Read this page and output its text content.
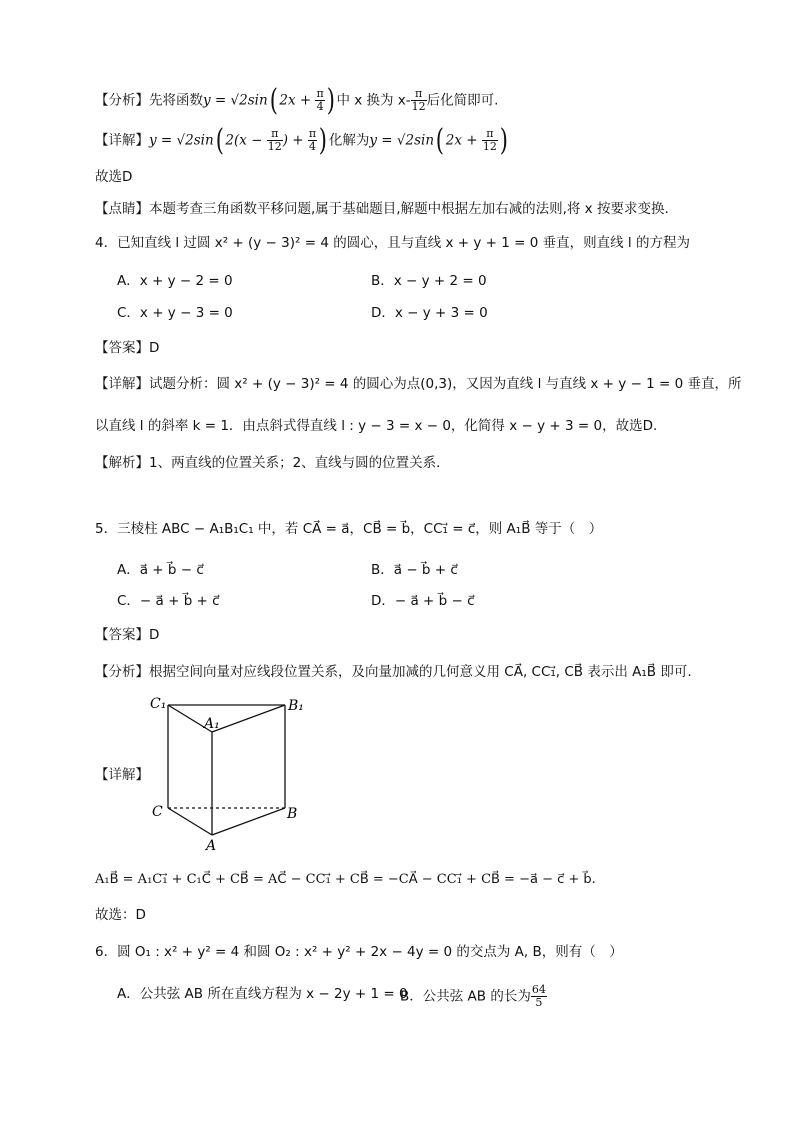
【分析】先将函数y = √2sin( $2x + \frac{\pi}{4}$ ) 中 x 换为 $x- \frac{\pi}{12}$ 后化简即可.
【详解】y = √2sin( $2(x - \frac{\pi}{12}$ ) + $\frac{\pi}{4}$ ) 化解为y = √2sin( $2x + \frac{\pi}{12}$ )
故选D
【点睛】本题考查三角函数平移问题,属于基础题目,解题中根据左加右减的法则,将 x 按要求变换.
4．已知直线 l 过圆 x² + (y − 3)² = 4 的圆心，且与直线 x + y + 1 = 0 垂直，则直线 l 的方程为
A．x + y − 2 = 0	B．x − y + 2 = 0
C．x + y − 3 = 0	D．x − y + 3 = 0
【答案】D
【详解】试题分析：圆 x² + (y − 3)² = 4 的圆心为点(0,3)，又因为直线 l 与直线 x + y − 1 = 0 垂直，所
以直线 l 的斜率 k = 1．由点斜式得直线 l : y − 3 = x − 0，化简得 x − y + 3 = 0，故选D.
【解析】1、两直线的位置关系；2、直线与圆的位置关系.
5．三棱柱 ABC − A₁B₁C₁ 中，若 CA⃗ = a⃗，CB⃗ = b⃗，CC₁⃗ = c⃗，则 A₁B⃗ 等于（　）
A．a⃗ + b⃗ − c⃗	B．a⃗ − b⃗ + c⃗
C．− a⃗ + b⃗ + c⃗	D．− a⃗ + b⃗ − c⃗
【答案】D
【分析】根据空间向量对应线段位置关系，及向量加减的几何意义用 CA⃗, CC₁⃗, CB⃗ 表示出 A₁B⃗ 即可.
【详解】
C₁
A₁
B₁
C	B
A
A₁B⃗ = A₁C₁⃗ + C₁C⃗ + CB⃗ = AC⃗ − CC₁⃗ + CB⃗ = −CA⃗ − CC₁⃗ + CB⃗ = −a⃗ − c⃗ + b⃗.
故选：D
6．圆 O₁ : x² + y² = 4 和圆 O₂ : x² + y² + 2x − 4y = 0 的交点为 A, B，则有（　）
A．公共弦 AB 所在直线方程为 x − 2y + 1 = 0
B．公共弦 AB 的长为 $\frac{64}{5}$
